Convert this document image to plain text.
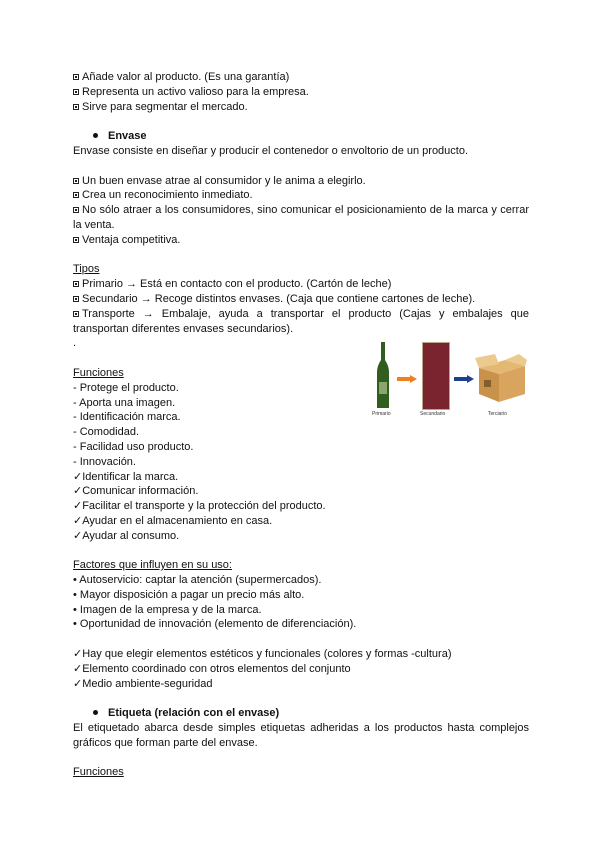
Añade valor al producto. (Es una garantía)
Representa un activo valioso para la empresa.
Sirve para segmentar el mercado.
Envase
Envase consiste en diseñar y producir el contenedor o envoltorio de un producto.
Un buen envase atrae al consumidor y le anima a elegirlo.
Crea un reconocimiento inmediato.
No sólo atraer a los consumidores, sino comunicar el posicionamiento de la marca y cerrar la venta.
Ventaja competitiva.
Tipos
Primario → Está en contacto con el producto. (Cartón de leche)
Secundario → Recoge distintos envases. (Caja que contiene cartones de leche).
Transporte → Embalaje, ayuda a transportar el producto (Cajas y embalajes que transportan diferentes envases secundarios).
.
Funciones
- Protege el producto.
- Aporta una imagen.
- Identificación marca.
- Comodidad.
- Facilidad uso producto.
- Innovación.
✓Identificar la marca.
✓Comunicar información.
✓Facilitar el transporte y la protección del producto.
✓Ayudar en el almacenamiento en casa.
✓Ayudar al consumo.
Factores que influyen en su uso:
• Autoservicio: captar la atención (supermercados).
• Mayor disposición a pagar un precio más alto.
• Imagen de la empresa y de la marca.
• Oportunidad de innovación (elemento de diferenciación).
✓Hay que elegir elementos estéticos y funcionales (colores y formas -cultura)
✓Elemento coordinado con otros elementos del conjunto
✓Medio ambiente-seguridad
Etiqueta (relación con el envase)
El etiquetado abarca desde simples etiquetas adheridas a los productos hasta complejos gráficos que forman parte del envase.
Funciones
Primario	Secundario	Terciario
